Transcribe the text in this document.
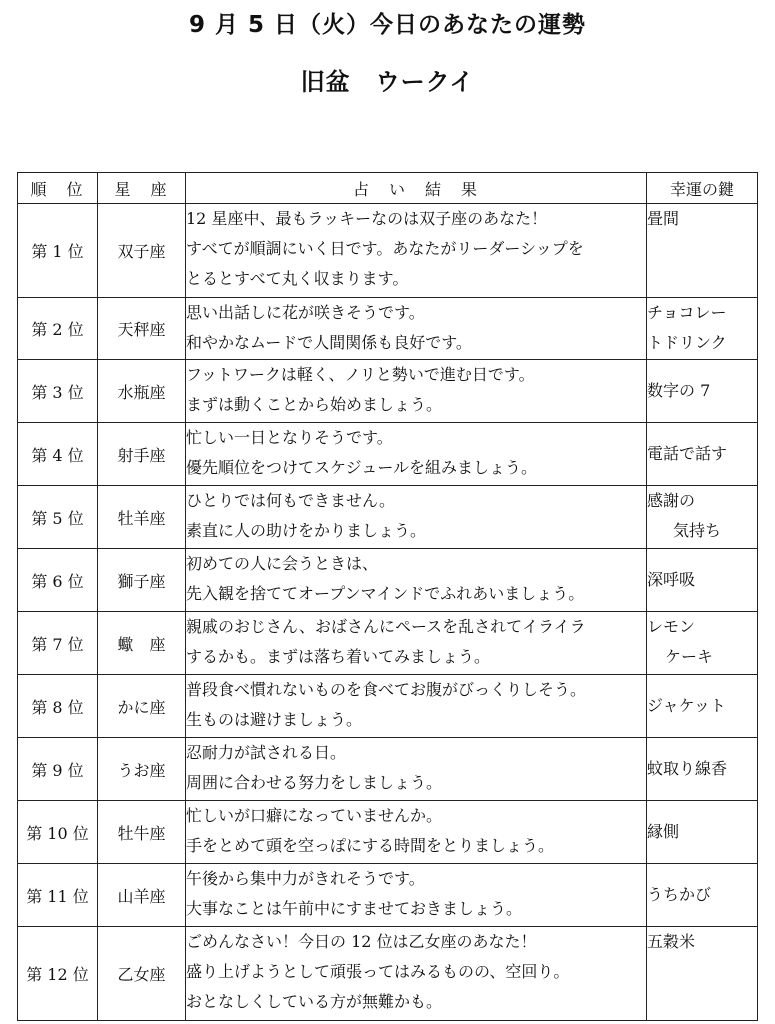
9 月 5 日（火）今日のあなたの運勢
旧盆　ウークイ
順　位	星　座	占　い　結　果	幸運の鍵
第 1 位	双子座	12 星座中、最もラッキーなのは双子座のあなた！
すべてが順調にいく日です。あなたがリーダーシップを
とるとすべて丸く収まります。	畳間

第 2 位	天秤座	思い出話しに花が咲きそうです。
和やかなムードで人間関係も良好です。	チョコレー
トドリンク

第 3 位	水瓶座	フットワークは軽く、ノリと勢いで進む日です。
まずは動くことから始めましょう。	数字の 7

第 4 位	射手座	忙しい一日となりそうです。
優先順位をつけてスケジュールを組みましょう。	電話で話す

第 5 位	牡羊座	ひとりでは何もできません。
素直に人の助けをかりましょう。	感謝の
気持ち

第 6 位	獅子座	初めての人に会うときは、
先入観を捨ててオープンマインドでふれあいましょう。	深呼吸

第 7 位	蠍　座	親戚のおじさん、おばさんにペースを乱されてイライラ
するかも。まずは落ち着いてみましょう。	レモン
ケーキ

第 8 位	かに座	普段食べ慣れないものを食べてお腹がびっくりしそう。
生ものは避けましょう。	ジャケット

第 9 位	うお座	忍耐力が試される日。
周囲に合わせる努力をしましょう。	蚊取り線香

第 10 位	牡牛座	忙しいが口癖になっていませんか。
手をとめて頭を空っぽにする時間をとりましょう。	縁側

第 11 位	山羊座	午後から集中力がきれそうです。
大事なことは午前中にすませておきましょう。	うちかび

第 12 位	乙女座	ごめんなさい！今日の 12 位は乙女座のあなた！
盛り上げようとして頑張ってはみるものの、空回り。
おとなしくしている方が無難かも。	五穀米
